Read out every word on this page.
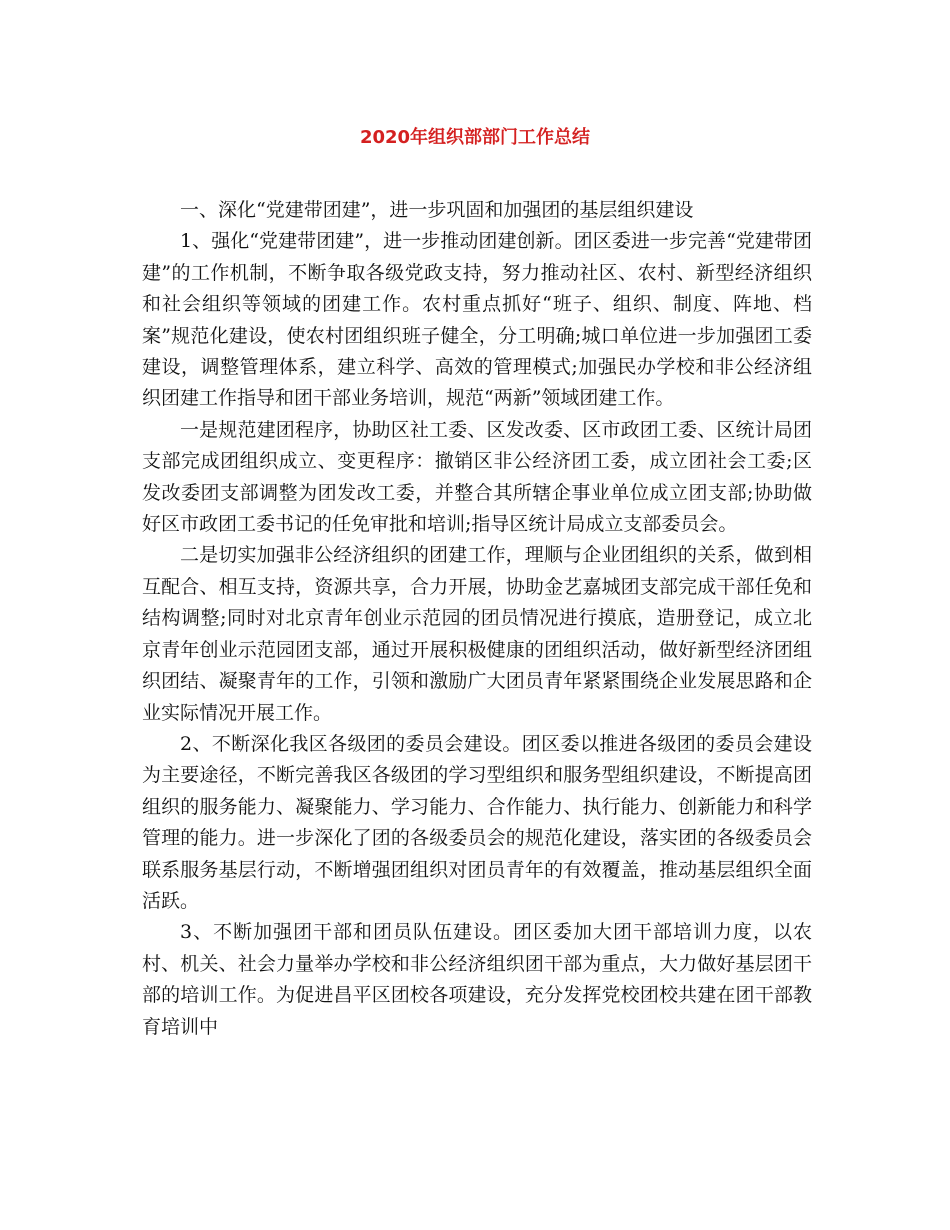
2020年组织部部门工作总结

一、深化“党建带团建”，进一步巩固和加强团的基层组织建设

1、强化“党建带团建”，进一步推动团建创新。团区委进一步完善“党建带团建”的工作机制，不断争取各级党政支持，努力推动社区、农村、新型经济组织和社会组织等领域的团建工作。农村重点抓好“班子、组织、制度、阵地、档案”规范化建设，使农村团组织班子健全，分工明确;城口单位进一步加强团工委建设，调整管理体系，建立科学、高效的管理模式;加强民办学校和非公经济组织团建工作指导和团干部业务培训，规范“两新”领域团建工作。

一是规范建团程序，协助区社工委、区发改委、区市政团工委、区统计局团支部完成团组织成立、变更程序：撤销区非公经济团工委，成立团社会工委;区发改委团支部调整为团发改工委，并整合其所辖企事业单位成立团支部;协助做好区市政团工委书记的任免审批和培训;指导区统计局成立支部委员会。

二是切实加强非公经济组织的团建工作，理顺与企业团组织的关系，做到相互配合、相互支持，资源共享，合力开展，协助金艺嘉城团支部完成干部任免和结构调整;同时对北京青年创业示范园的团员情况进行摸底，造册登记，成立北京青年创业示范园团支部，通过开展积极健康的团组织活动，做好新型经济团组织团结、凝聚青年的工作，引领和激励广大团员青年紧紧围绕企业发展思路和企业实际情况开展工作。

2、不断深化我区各级团的委员会建设。团区委以推进各级团的委员会建设为主要途径，不断完善我区各级团的学习型组织和服务型组织建设，不断提高团组织的服务能力、凝聚能力、学习能力、合作能力、执行能力、创新能力和科学管理的能力。进一步深化了团的各级委员会的规范化建设，落实团的各级委员会联系服务基层行动，不断增强团组织对团员青年的有效覆盖，推动基层组织全面活跃。

3、不断加强团干部和团员队伍建设。团区委加大团干部培训力度，以农村、机关、社会力量举办学校和非公经济组织团干部为重点，大力做好基层团干部的培训工作。为促进昌平区团校各项建设，充分发挥党校团校共建在团干部教育培训中
